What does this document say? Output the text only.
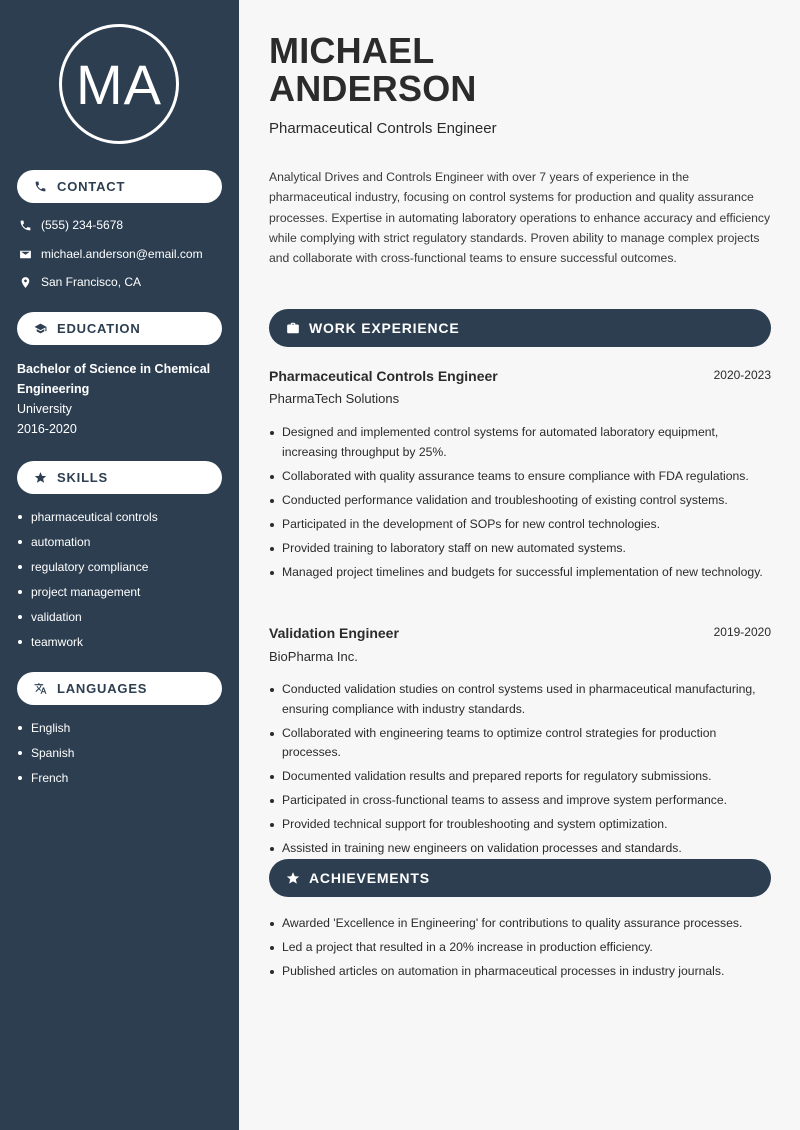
MA
CONTACT
(555) 234-5678
michael.anderson@email.com
San Francisco, CA
EDUCATION
Bachelor of Science in Chemical Engineering
University
2016-2020
SKILLS
pharmaceutical controls
automation
regulatory compliance
project management
validation
teamwork
LANGUAGES
English
Spanish
French
MICHAEL
ANDERSON
Pharmaceutical Controls Engineer

Analytical Drives and Controls Engineer with over 7 years of experience in the pharmaceutical industry, focusing on control systems for production and quality assurance processes. Expertise in automating laboratory operations to enhance accuracy and efficiency while complying with strict regulatory standards. Proven ability to manage complex projects and collaborate with cross-functional teams to ensure successful outcomes.

WORK EXPERIENCE
Pharmaceutical Controls Engineer	2020-2023
PharmaTech Solutions
Designed and implemented control systems for automated laboratory equipment, increasing throughput by 25%.
Collaborated with quality assurance teams to ensure compliance with FDA regulations.
Conducted performance validation and troubleshooting of existing control systems.
Participated in the development of SOPs for new control technologies.
Provided training to laboratory staff on new automated systems.
Managed project timelines and budgets for successful implementation of new technology.
Validation Engineer	2019-2020
BioPharma Inc.
Conducted validation studies on control systems used in pharmaceutical manufacturing, ensuring compliance with industry standards.
Collaborated with engineering teams to optimize control strategies for production processes.
Documented validation results and prepared reports for regulatory submissions.
Participated in cross-functional teams to assess and improve system performance.
Provided technical support for troubleshooting and system optimization.
Assisted in training new engineers on validation processes and standards.
ACHIEVEMENTS
Awarded 'Excellence in Engineering' for contributions to quality assurance processes.
Led a project that resulted in a 20% increase in production efficiency.
Published articles on automation in pharmaceutical processes in industry journals.
